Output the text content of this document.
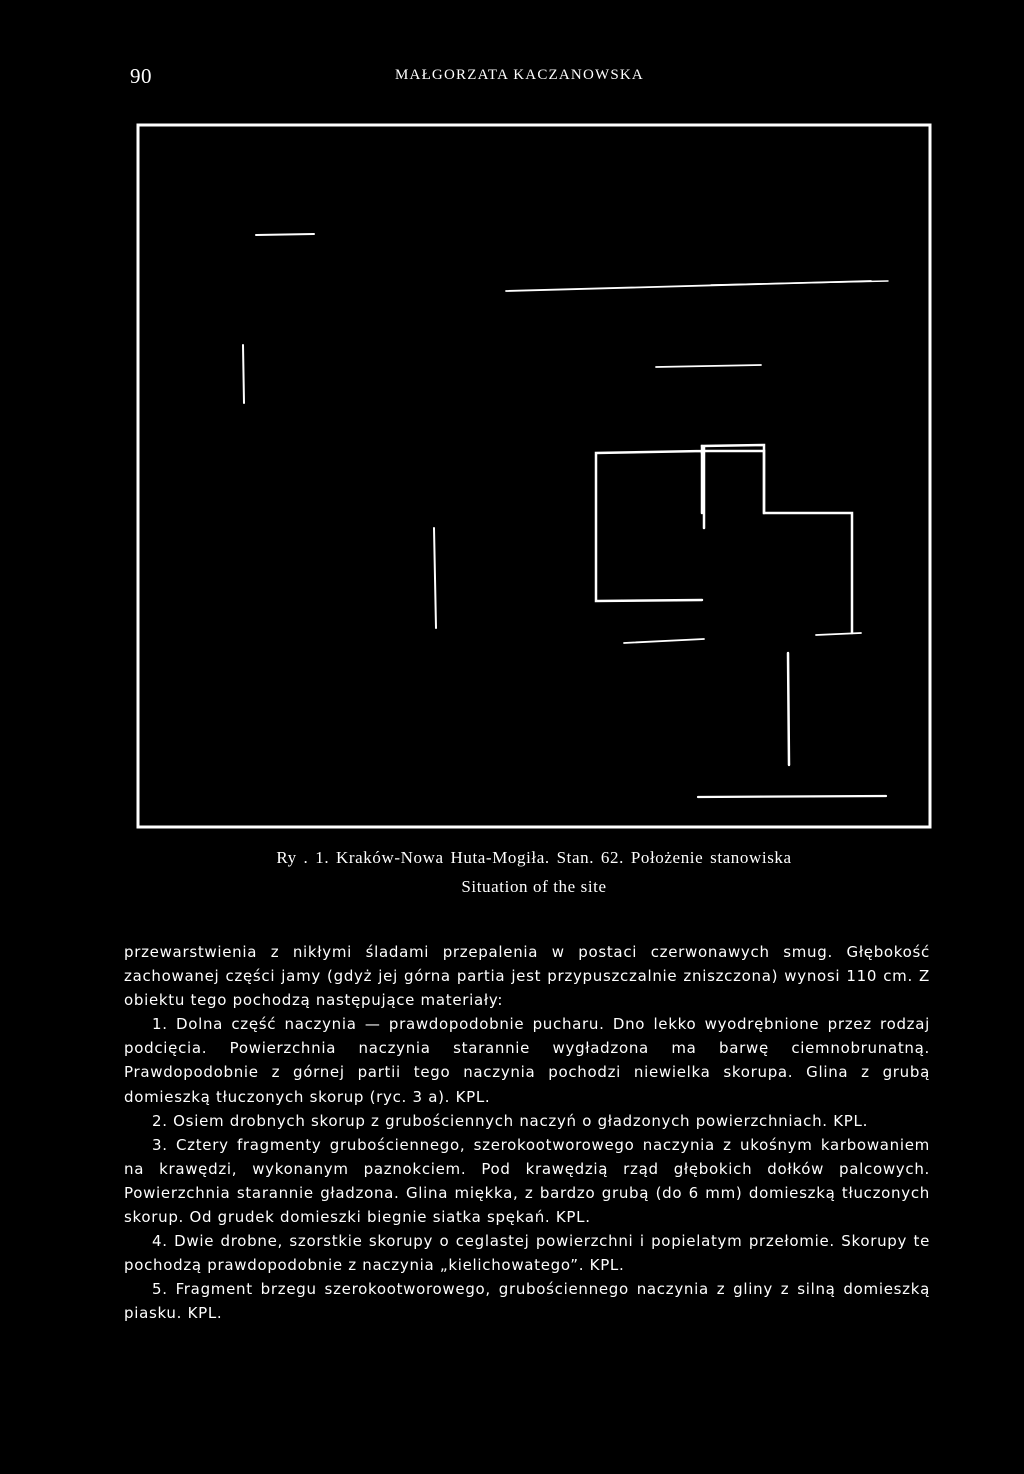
90	MAŁGORZATA KACZANOWSKA
Ry . 1. Kraków-Nowa Huta-Mogiła. Stan. 62. Położenie stanowiska
Situation of the site

przewarstwienia z nikłymi śladami przepalenia w postaci czerwonawych smug. Głębokość zachowanej części jamy (gdyż jej górna partia jest przypuszczalnie zniszczona) wynosi 110 cm. Z obiektu tego pochodzą następujące materiały:

1. Dolna część naczynia — prawdopodobnie pucharu. Dno lekko wyodrębnione przez rodzaj podcięcia. Powierzchnia naczynia starannie wygładzona ma barwę ciemnobrunatną. Prawdopodobnie z górnej partii tego naczynia pochodzi niewielka skorupa. Glina z grubą domieszką tłuczonych skorup (ryc. 3 a). KPL.

2. Osiem drobnych skorup z grubościennych naczyń o gładzonych powierzchniach. KPL.

3. Cztery fragmenty grubościennego, szerokootworowego naczynia z ukośnym karbowaniem na krawędzi, wykonanym paznokciem. Pod krawędzią rząd głębokich dołków palcowych. Powierzchnia starannie gładzona. Glina miękka, z bardzo grubą (do 6 mm) domieszką tłuczonych skorup. Od grudek domieszki biegnie siatka spękań. KPL.

4. Dwie drobne, szorstkie skorupy o ceglastej powierzchni i popielatym przełomie. Skorupy te pochodzą prawdopodobnie z naczynia „kielichowatego”. KPL.

5. Fragment brzegu szerokootworowego, grubościennego naczynia z gliny z silną domieszką piasku. KPL.
